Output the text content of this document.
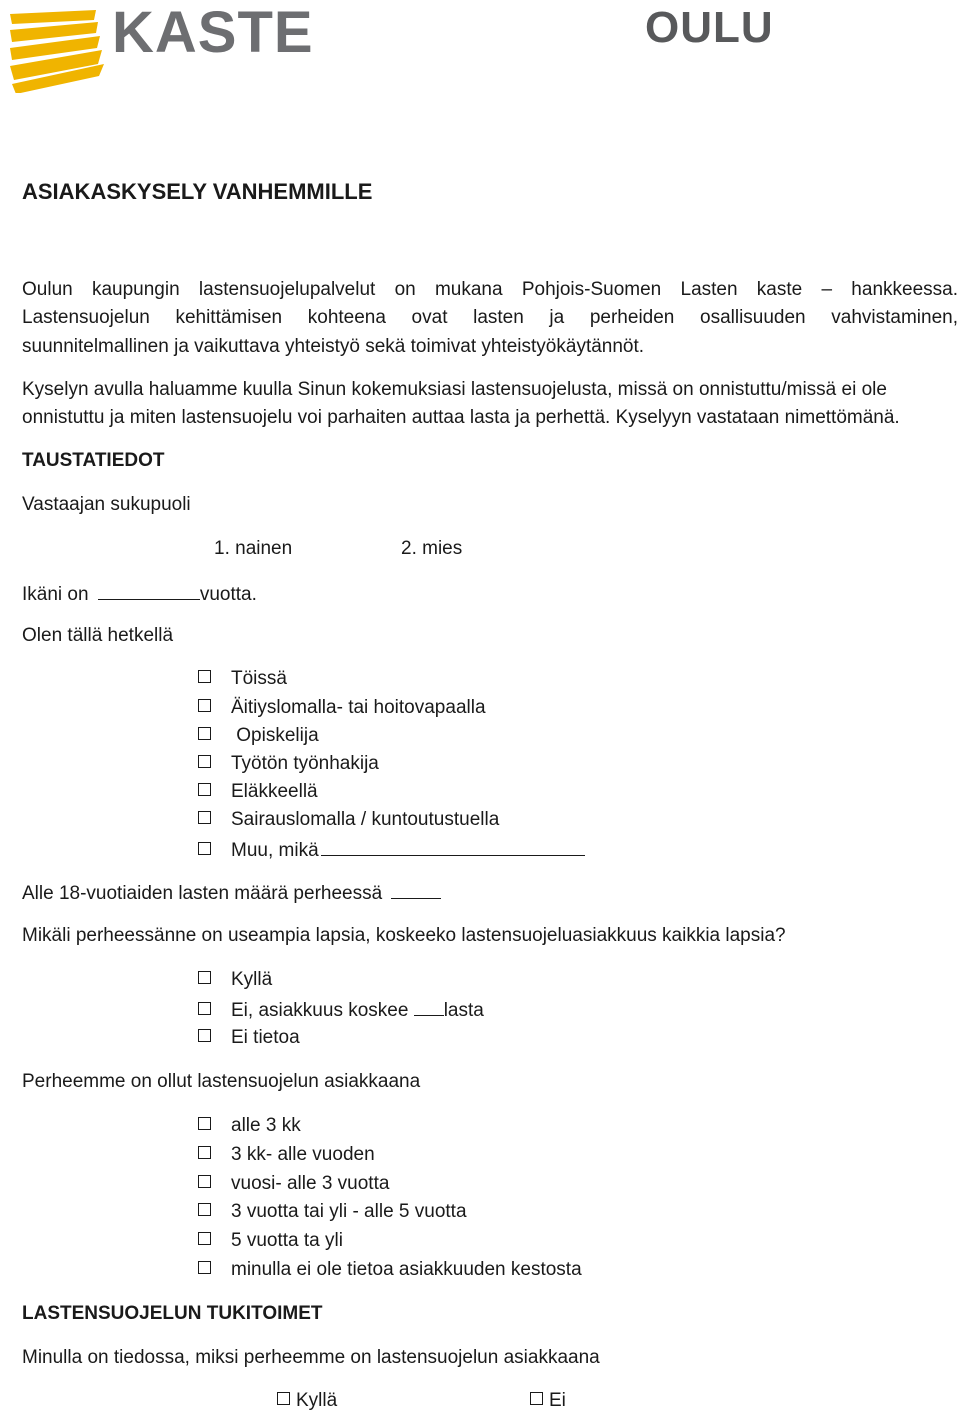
KASTE	OULU
ASIAKASKYSELY VANHEMMILLE
Oulun kaupungin lastensuojelupalvelut on mukana Pohjois-Suomen Lasten kaste – hankkeessa.
Lastensuojelun kehittämisen kohteena ovat lasten ja perheiden osallisuuden vahvistaminen,
suunnitelmallinen ja vaikuttava yhteistyö sekä toimivat yhteistyökäytännöt.
Kyselyn avulla haluamme kuulla Sinun kokemuksiasi lastensuojelusta, missä on onnistuttu/missä ei ole
onnistuttu ja miten lastensuojelu voi parhaiten auttaa lasta ja perhettä. Kyselyyn vastataan nimettömänä.
TAUSTATIEDOT
Vastaajan sukupuoli
1. nainen	2. mies
Ikäni on	vuotta.
Olen tällä hetkellä
Töissä
Äitiyslomalla- tai hoitovapaalla
Opiskelija
Työtön työnhakija
Eläkkeellä
Sairauslomalla / kuntoutustuella
Muu, mikä
Alle 18-vuotiaiden lasten määrä perheessä
Mikäli perheessänne on useampia lapsia, koskeeko lastensuojeluasiakkuus kaikkia lapsia?
Kyllä
Ei, asiakkuus koskee lasta
Ei tietoa
Perheemme on ollut lastensuojelun asiakkaana
alle 3 kk
3 kk- alle vuoden
vuosi- alle 3 vuotta
3 vuotta tai yli - alle 5 vuotta
5 vuotta ta yli
minulla ei ole tietoa asiakkuuden kestosta
LASTENSUOJELUN TUKITOIMET
Minulla on tiedossa, miksi perheemme on lastensuojelun asiakkaana
Kyllä	Ei
